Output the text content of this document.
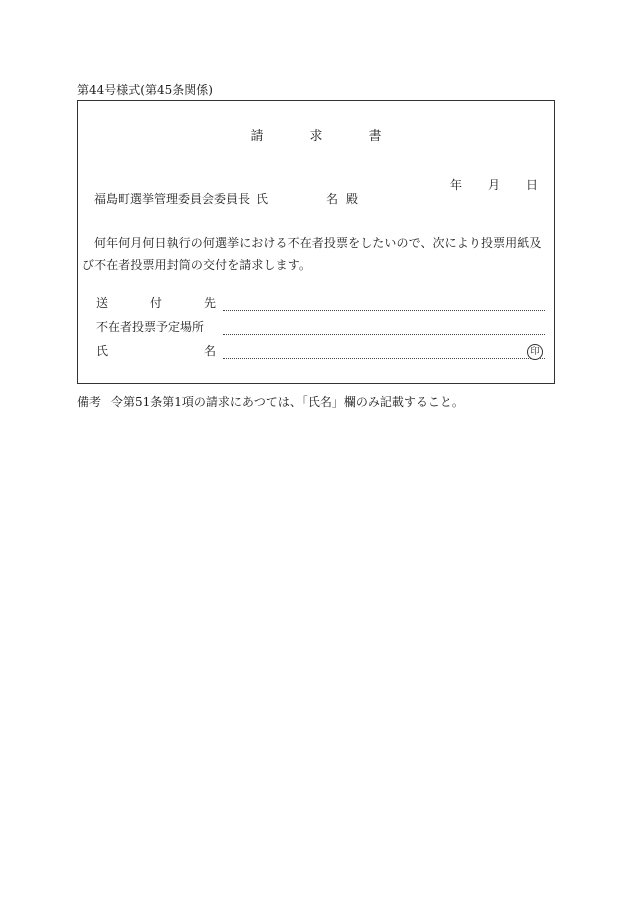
第44号様式(第45条関係)
請	求	書
年 月 日
福島町選挙管理委員会委員長 氏	名 殿
何年何月何日執行の何選挙における不在者投票をしたいので、次により投票用紙及び不在者投票用封筒の交付を請求します。
送	付	先
不在者投票予定場所
氏	名	印
備考 令第51条第1項の請求にあつては、「氏名」欄のみ記載すること。
